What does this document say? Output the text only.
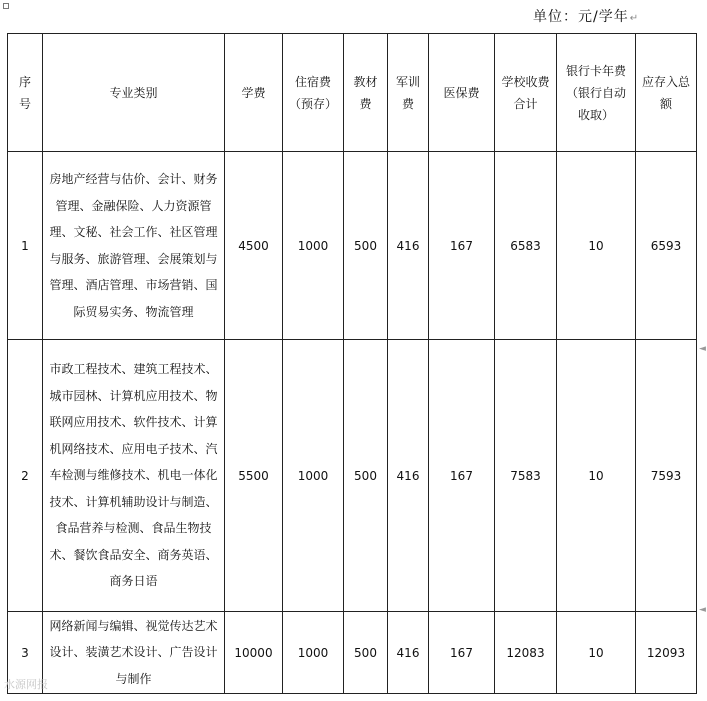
单位：元/学年↵
序号	专业类别	学费	住宿费（预存）	教材费	军训费	医保费	学校收费合计	银行卡年费（银行自动收取）	应存入总额
1	房地产经营与估价、会计、财务管理、金融保险、人力资源管理、文秘、社会工作、社区管理与服务、旅游管理、会展策划与管理、酒店管理、市场营销、国际贸易实务、物流管理	4500	1000	500	416	167	6583	10	6593
2	市政工程技术、建筑工程技术、城市园林、计算机应用技术、物联网应用技术、软件技术、计算机网络技术、应用电子技术、汽车检测与维修技术、机电一体化技术、计算机辅助设计与制造、食品营养与检测、食品生物技术、餐饮食品安全、商务英语、商务日语	5500	1000	500	416	167	7583	10	7593
3	网络新闻与编辑、视觉传达艺术设计、装潢艺术设计、广告设计与制作	10000	1000	500	416	167	12083	10	12093
◄
◄
水源网报
